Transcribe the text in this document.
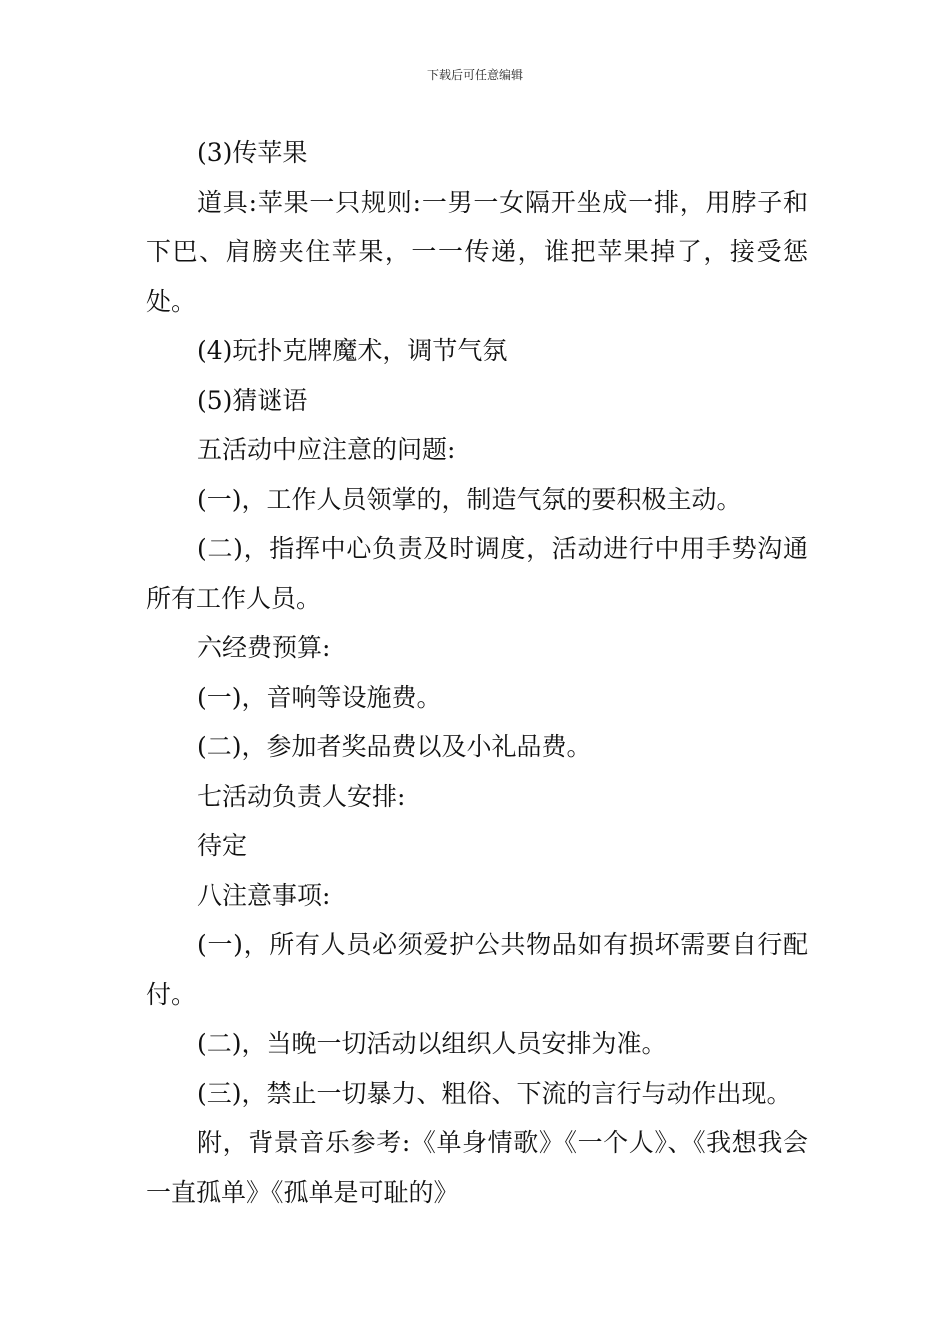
下载后可任意编辑

(3)传苹果

道具:苹果一只规则:一男一女隔开坐成一排，用脖子和下巴、肩膀夹住苹果，一一传递，谁把苹果掉了，接受惩处。

(4)玩扑克牌魔术，调节气氛

(5)猜谜语

五活动中应注意的问题:

(一)，工作人员领掌的，制造气氛的要积极主动。

(二)，指挥中心负责及时调度，活动进行中用手势沟通所有工作人员。

六经费预算:

(一)，音响等设施费。

(二)，参加者奖品费以及小礼品费。

七活动负责人安排:

待定

八注意事项:

(一)，所有人员必须爱护公共物品如有损坏需要自行配付。

(二)，当晚一切活动以组织人员安排为准。

(三)，禁止一切暴力、粗俗、下流的言行与动作出现。

附，背景音乐参考:《单身情歌》《一个人》、《我想我会一直孤单》《孤单是可耻的》
